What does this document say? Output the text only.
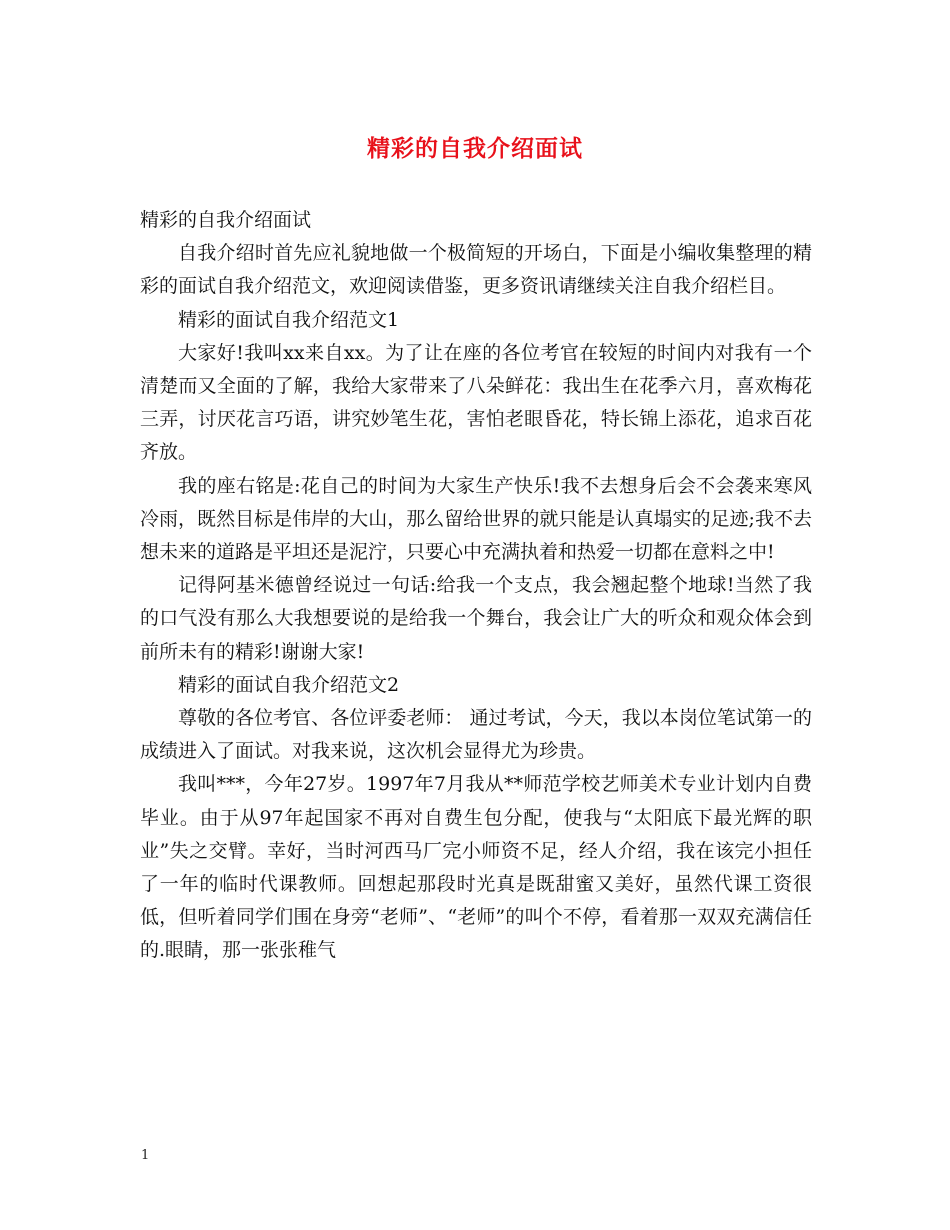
精彩的自我介绍面试

精彩的自我介绍面试

自我介绍时首先应礼貌地做一个极简短的开场白，下面是小编收集整理的精彩的面试自我介绍范文，欢迎阅读借鉴，更多资讯请继续关注自我介绍栏目。

精彩的面试自我介绍范文1

大家好!我叫xx来自xx。为了让在座的各位考官在较短的时间内对我有一个清楚而又全面的了解，我给大家带来了八朵鲜花：我出生在花季六月，喜欢梅花三弄，讨厌花言巧语，讲究妙笔生花，害怕老眼昏花，特长锦上添花，追求百花齐放。

我的座右铭是:花自己的时间为大家生产快乐!我不去想身后会不会袭来寒风冷雨，既然目标是伟岸的大山，那么留给世界的就只能是认真塌实的足迹;我不去想未来的道路是平坦还是泥泞，只要心中充满执着和热爱一切都在意料之中!

记得阿基米德曾经说过一句话:给我一个支点，我会翘起整个地球!当然了我的口气没有那么大我想要说的是给我一个舞台，我会让广大的听众和观众体会到前所未有的精彩!谢谢大家!

精彩的面试自我介绍范文2

尊敬的各位考官、各位评委老师： 通过考试，今天，我以本岗位笔试第一的成绩进入了面试。对我来说，这次机会显得尤为珍贵。

我叫***，今年27岁。1997年7月我从**师范学校艺师美术专业计划内自费毕业。由于从97年起国家不再对自费生包分配，使我与“太阳底下最光辉的职业”失之交臂。幸好，当时河西马厂完小师资不足，经人介绍，我在该完小担任了一年的临时代课教师。回想起那段时光真是既甜蜜又美好，虽然代课工资很低，但听着同学们围在身旁“老师”、“老师”的叫个不停，看着那一双双充满信任的.眼睛，那一张张稚气

1
